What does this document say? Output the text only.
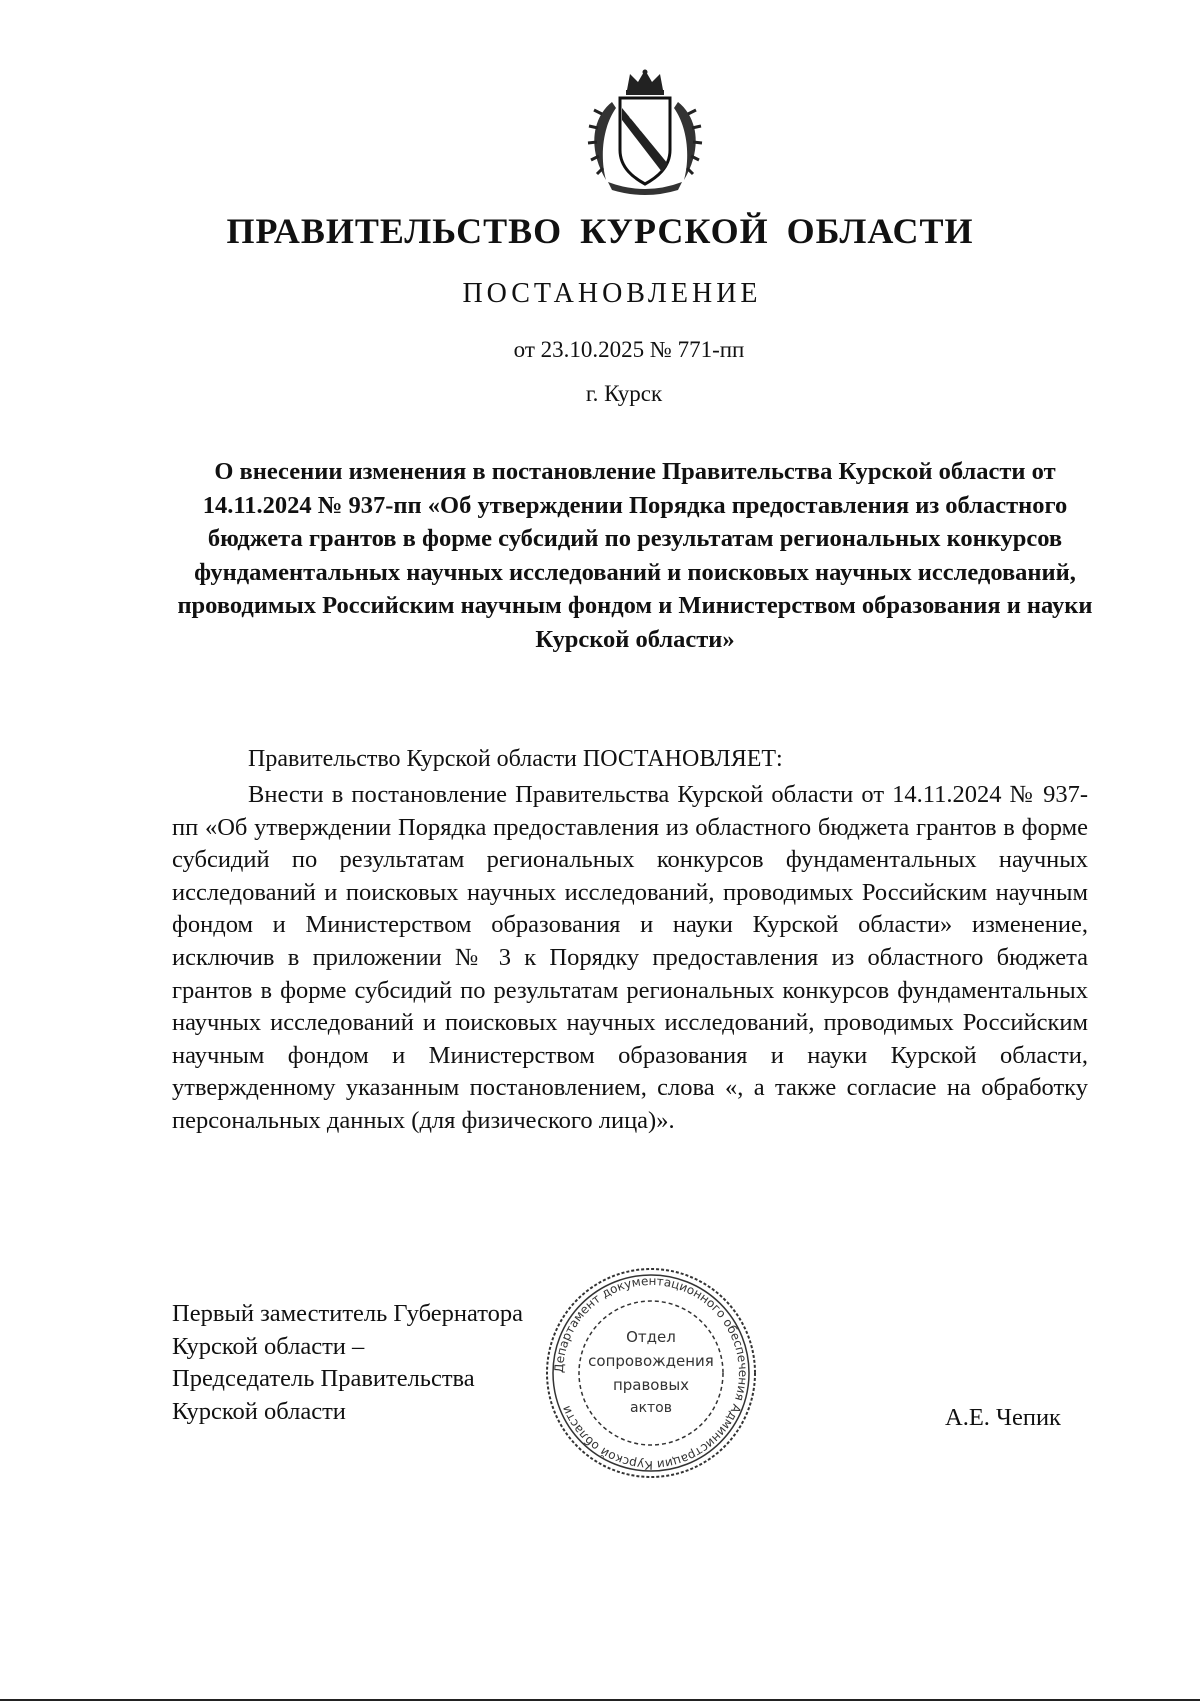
ПРАВИТЕЛЬСТВО КУРСКОЙ ОБЛАСТИ
ПОСТАНОВЛЕНИЕ
от 23.10.2025 № 771-пп
г. Курск
О внесении изменения в постановление Правительства Курской области от 14.11.2024 № 937-пп «Об утверждении Порядка предоставления из областного бюджета грантов в форме субсидий по результатам региональных конкурсов фундаментальных научных исследований и поисковых научных исследований, проводимых Российским научным фондом и Министерством образования и науки Курской области»
Правительство Курской области ПОСТАНОВЛЯЕТ:
Внести в постановление Правительства Курской области от 14.11.2024 № 937-пп «Об утверждении Порядка предоставления из областного бюджета грантов в форме субсидий по результатам региональных конкурсов фундаментальных научных исследований и поисковых научных исследований, проводимых Российским научным фондом и Министерством образования и науки Курской области» изменение, исключив в приложении № 3 к Порядку предоставления из областного бюджета грантов в форме субсидий по результатам региональных конкурсов фундаментальных научных исследований и поисковых научных исследований, проводимых Российским научным фондом и Министерством образования и науки Курской области, утвержденному указанным постановлением, слова «, а также согласие на обработку персональных данных (для физического лица)».
Первый заместитель Губернатора
Курской области –
Председатель Правительства
Курской области
Департамент документационного обеспечения Администрации Курской области
Отдел
сопровождения
правовых
актов	А.Е. Чепик
